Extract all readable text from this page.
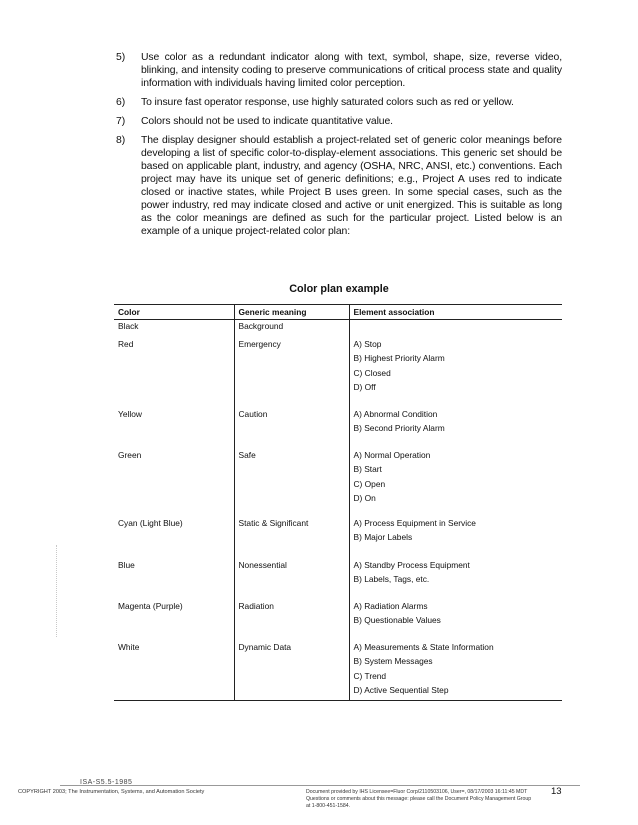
5)	Use color as a redundant indicator along with text, symbol, shape, size, reverse video, blinking, and intensity coding to preserve communications of critical process state and quality information with individuals having limited color perception.
6)	To insure fast operator response, use highly saturated colors such as red or yellow.
7)	Colors should not be used to indicate quantitative value.
8)	The display designer should establish a project-related set of generic color meanings before developing a list of specific color-to-display-element associations. This generic set should be based on applicable plant, industry, and agency (OSHA, NRC, ANSI, etc.) conventions. Each project may have its unique set of generic definitions; e.g., Project A uses red to indicate closed or inactive states, while Project B uses green. In some special cases, such as the power industry, red may indicate closed and active or unit energized. This is suitable as long as the color meanings are defined as such for the particular project. Listed below is an example of a unique project-related color plan:
Color plan example
Color	Generic meaning	Element association

Black	Background	

Red	Emergency	A) Stop
B) Highest Priority Alarm
C) Closed
D) Off

Yellow	Caution	A) Abnormal Condition
B) Second Priority Alarm

Green	Safe	A) Normal Operation
B) Start
C) Open
D) On

Cyan (Light Blue)	Static & Significant	A) Process Equipment in Service
B) Major Labels

Blue	Nonessential	A) Standby Process Equipment
B) Labels, Tags, etc.

Magenta (Purple)	Radiation	A) Radiation Alarms
B) Questionable Values

White	Dynamic Data	A) Measurements & State Information
B) System Messages
C) Trend
D) Active Sequential Step
ISA-S5.5-1985
COPYRIGHT 2003; The Instrumentation, Systems, and Automation Society	Document provided by IHS Licensee=Fluor Corp/2110503106, User=, 08/17/2003 16:11:45 MDT Questions or comments about this message: please call the Document Policy Management Group at 1-800-451-1584.
13
